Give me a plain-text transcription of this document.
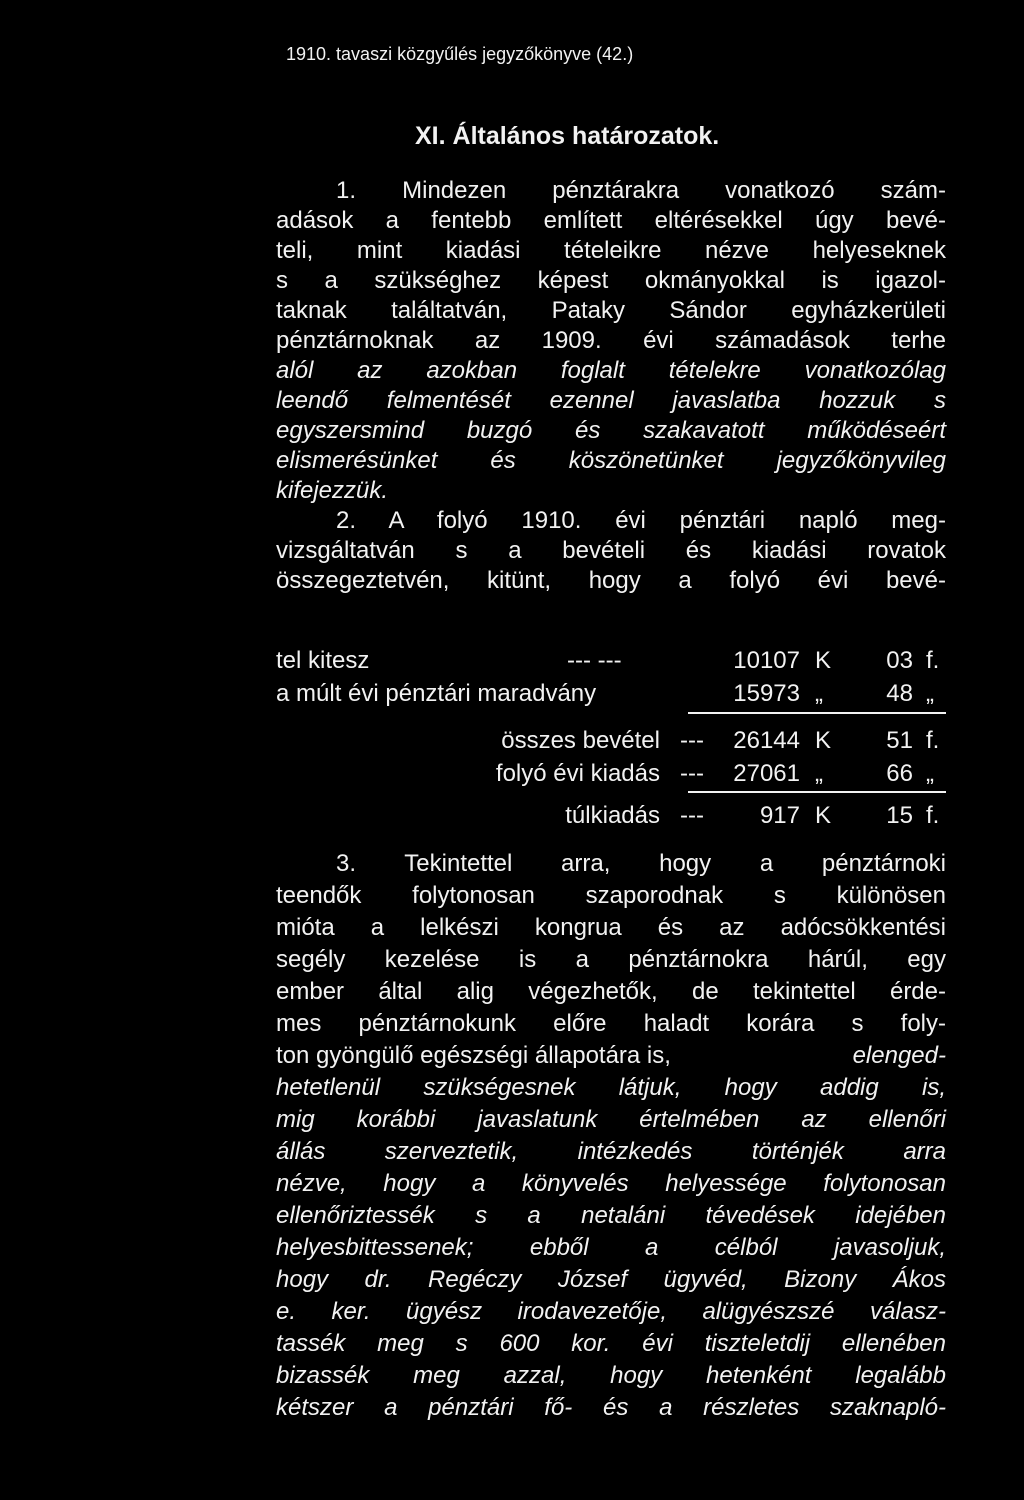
1910. tavaszi közgyűlés jegyzőkönyve (42.)
XI. Általános határozatok.
1. Mindezen pénztárakra vonatkozó szám-
adások a fentebb említett eltérésekkel úgy bevé-
teli, mint kiadási tételeikre nézve helyeseknek
s a szükséghez képest okmányokkal is igazol-
taknak találtatván, Pataky Sándor egyházkerületi
pénztárnoknak az 1909. évi számadások terhe
alól az azokban foglalt tételekre vonatkozólag
leendő felmentését ezennel javaslatba hozzuk s
egyszersmind buzgó és szakavatott működéseért
elismerésünket és köszönetünket jegyzőkönyvileg
kifejezzük.
2. A folyó 1910. évi pénztári napló meg-
vizsgáltatván s a bevételi és kiadási rovatok
összegeztetvén, kitünt, hogy a folyó évi bevé-
tel kitesz	--- ---	10107 K	03 f.
a múlt évi pénztári maradvány	15973 „	48 „
összes bevétel ---	26144 K	51 f.
folyó évi kiadás ---	27061 „	66 „
túlkiadás ---	917 K	15 f.
3. Tekintettel arra, hogy a pénztárnoki
teendők folytonosan szaporodnak s különösen
mióta a lelkészi kongrua és az adócsökkentési
segély kezelése is a pénztárnokra hárúl, egy
ember által alig végezhetők, de tekintettel érde-
mes pénztárnokunk előre haladt korára s foly-
ton gyöngülő egészségi állapotára is,	elenged-
hetetlenül szükségesnek látjuk, hogy addig is,
mig korábbi javaslatunk értelmében az ellenőri
állás szerveztetik, intézkedés történjék arra
nézve, hogy a könyvelés helyessége folytonosan
ellenőriztessék s a netaláni tévedések idejében
helyesbittessenek; ebből a célból javasoljuk,
hogy dr. Regéczy József ügyvéd, Bizony Ákos
e. ker. ügyész irodavezetője, alügyészszé válasz-
tassék meg s 600 kor. évi tiszteletdij ellenében
bizassék meg azzal, hogy hetenként legalább
kétszer a pénztári fő- és a részletes szaknapló-
